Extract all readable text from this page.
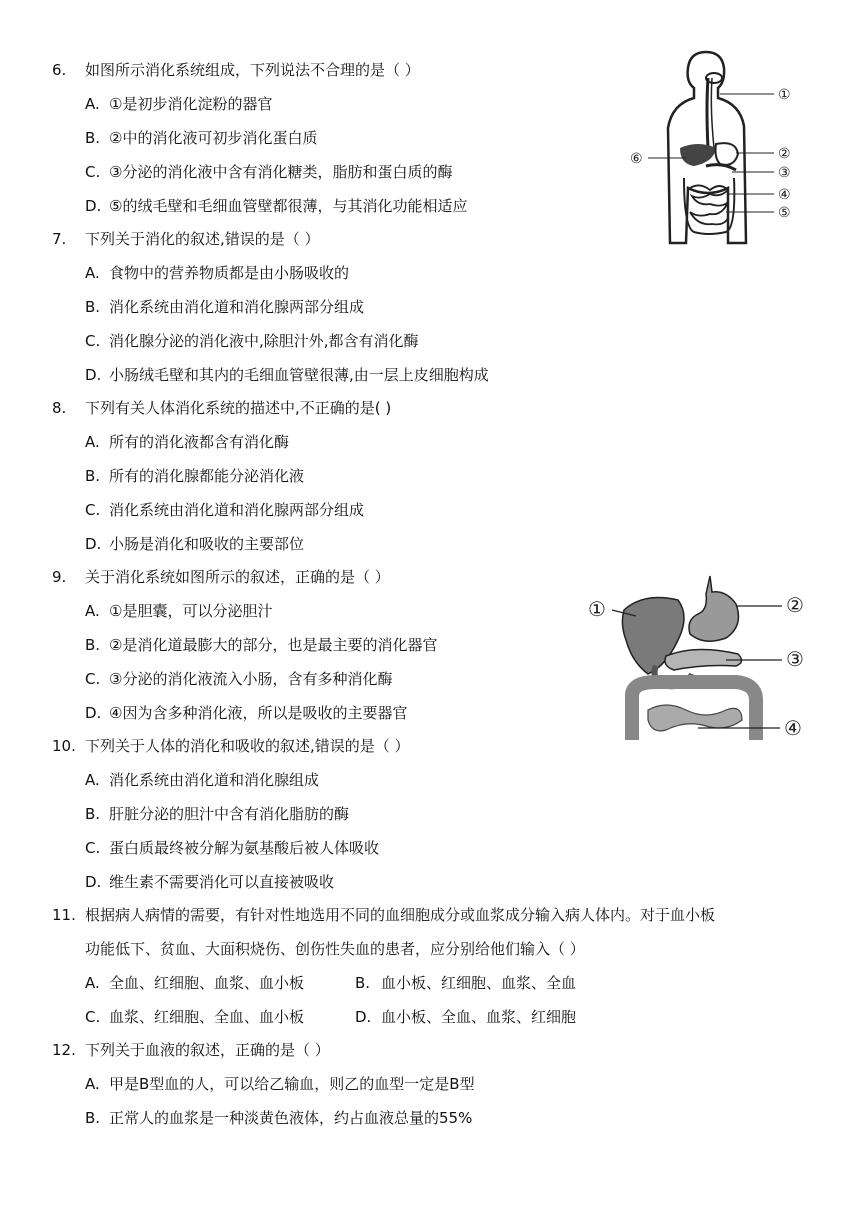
6. 如图所示消化系统组成，下列说法不合理的是（ ）
A. ①是初步消化淀粉的器官
B. ②中的消化液可初步消化蛋白质
C. ③分泌的消化液中含有消化糖类，脂肪和蛋白质的酶
D. ⑤的绒毛壁和毛细血管壁都很薄，与其消化功能相适应
①
②
③
④
⑤
⑥
7. 下列关于消化的叙述,错误的是（ ）
A. 食物中的营养物质都是由小肠吸收的
B. 消化系统由消化道和消化腺两部分组成
C. 消化腺分泌的消化液中,除胆汁外,都含有消化酶
D. 小肠绒毛壁和其内的毛细血管壁很薄,由一层上皮细胞构成
8. 下列有关人体消化系统的描述中,不正确的是( )
A. 所有的消化液都含有消化酶
B. 所有的消化腺都能分泌消化液
C. 消化系统由消化道和消化腺两部分组成
D. 小肠是消化和吸收的主要部位
9. 关于消化系统如图所示的叙述，正确的是（ ）
A. ①是胆囊，可以分泌胆汁
B. ②是消化道最膨大的部分，也是最主要的消化器官
C. ③分泌的消化液流入小肠，含有多种消化酶
D. ④因为含多种消化液，所以是吸收的主要器官
①	②
③
④
10. 下列关于人体的消化和吸收的叙述,错误的是（ ）
A. 消化系统由消化道和消化腺组成
B. 肝脏分泌的胆汁中含有消化脂肪的酶
C. 蛋白质最终被分解为氨基酸后被人体吸收
D. 维生素不需要消化可以直接被吸收
11. 根据病人病情的需要，有针对性地选用不同的血细胞成分或血浆成分输入病人体内。对于血小板
功能低下、贫血、大面积烧伤、创伤性失血的患者，应分别给他们输入（ ）
A. 全血、红细胞、血浆、血小板	B. 血小板、红细胞、血浆、全血
C. 血浆、红细胞、全血、血小板	D. 血小板、全血、血浆、红细胞
12. 下列关于血液的叙述，正确的是（ ）
A. 甲是B型血的人，可以给乙输血，则乙的血型一定是B型
B. 正常人的血浆是一种淡黄色液体，约占血液总量的55%
